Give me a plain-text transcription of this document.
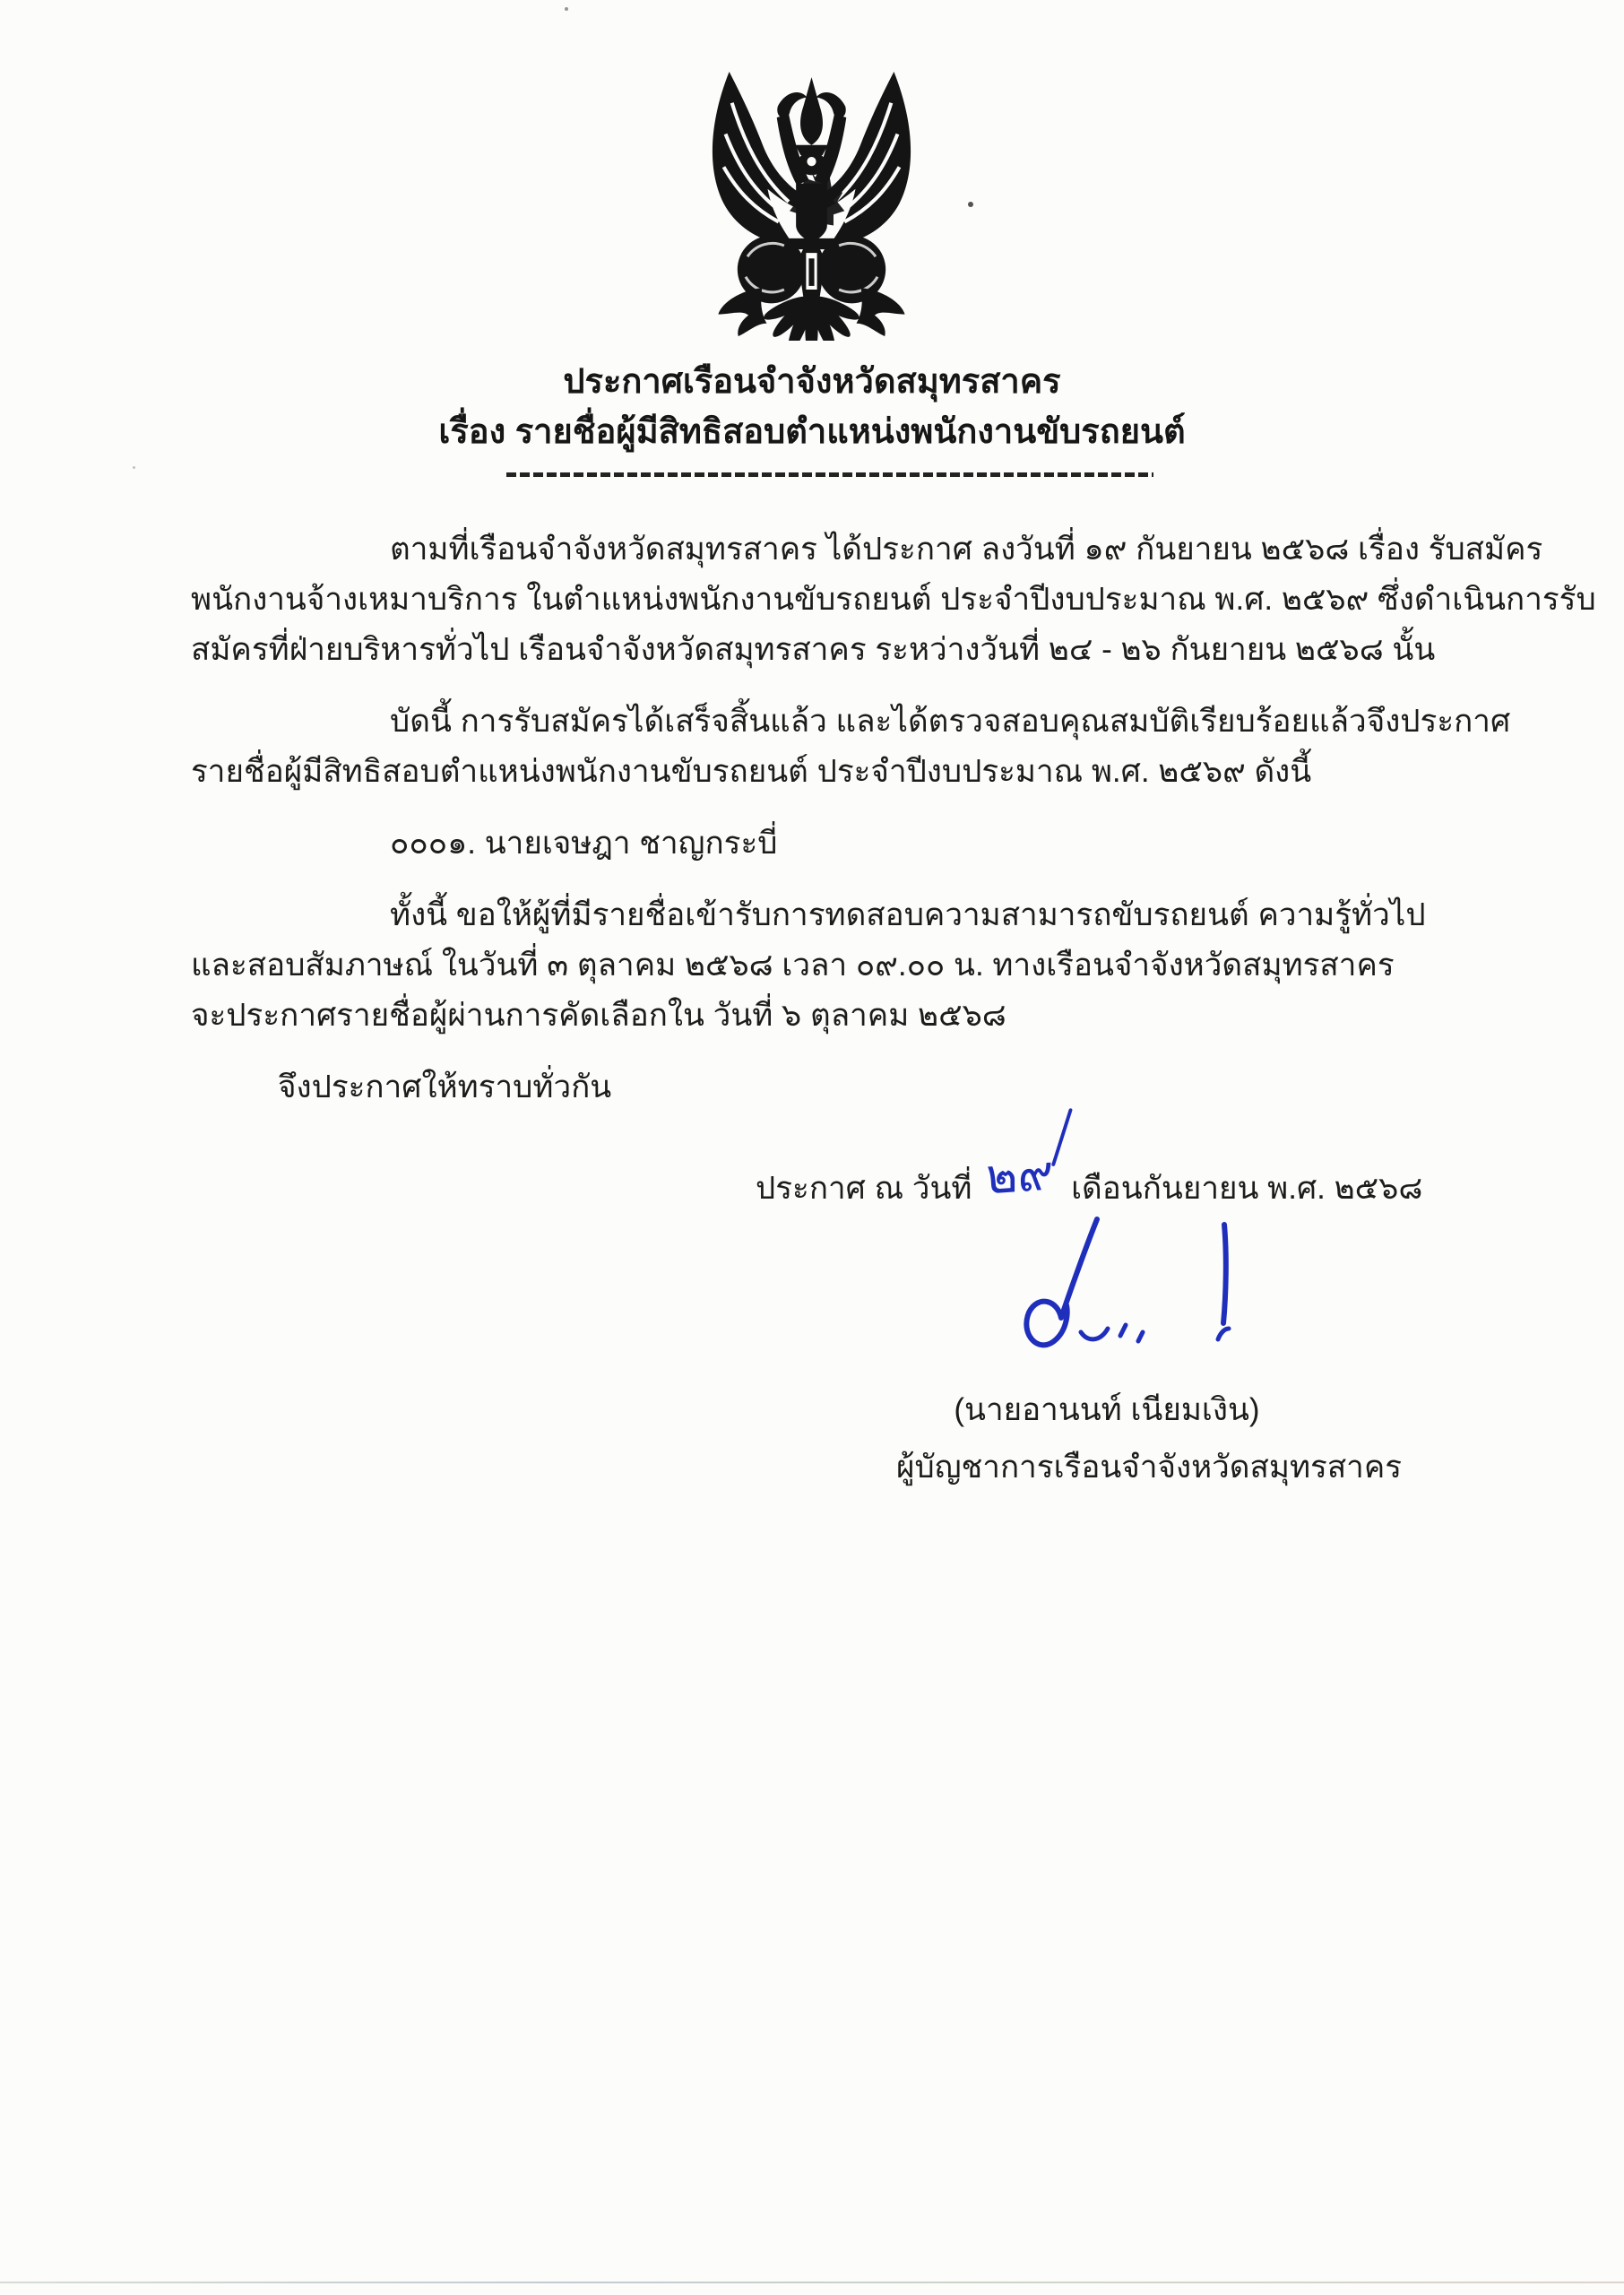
ประกาศเรือนจำจังหวัดสมุทรสาคร
เรื่อง รายชื่อผู้มีสิทธิสอบตำแหน่งพนักงานขับรถยนต์
ตามที่เรือนจำจังหวัดสมุทรสาคร ได้ประกาศ ลงวันที่ ๑๙ กันยายน ๒๕๖๘ เรื่อง รับสมัคร
พนักงานจ้างเหมาบริการ ในตำแหน่งพนักงานขับรถยนต์ ประจำปีงบประมาณ พ.ศ. ๒๕๖๙ ซึ่งดำเนินการรับ
สมัครที่ฝ่ายบริหารทั่วไป เรือนจำจังหวัดสมุทรสาคร ระหว่างวันที่ ๒๔ - ๒๖ กันยายน ๒๕๖๘ นั้น
บัดนี้ การรับสมัครได้เสร็จสิ้นแล้ว และได้ตรวจสอบคุณสมบัติเรียบร้อยแล้วจึงประกาศ
รายชื่อผู้มีสิทธิสอบตำแหน่งพนักงานขับรถยนต์ ประจำปีงบประมาณ พ.ศ. ๒๕๖๙ ดังนี้
๐๐๐๑. นายเจษฎา ชาญกระบี่
ทั้งนี้ ขอให้ผู้ที่มีรายชื่อเข้ารับการทดสอบความสามารถขับรถยนต์ ความรู้ทั่วไป
และสอบสัมภาษณ์ ในวันที่ ๓ ตุลาคม ๒๕๖๘ เวลา ๐๙.๐๐ น. ทางเรือนจำจังหวัดสมุทรสาคร
จะประกาศรายชื่อผู้ผ่านการคัดเลือกใน วันที่ ๖ ตุลาคม ๒๕๖๘
จึงประกาศให้ทราบทั่วกัน
ประกาศ ณ วันที่ ๒๙ เดือนกันยายน พ.ศ. ๒๕๖๘
(นายอานนท์ เนียมเงิน)
ผู้บัญชาการเรือนจำจังหวัดสมุทรสาคร
